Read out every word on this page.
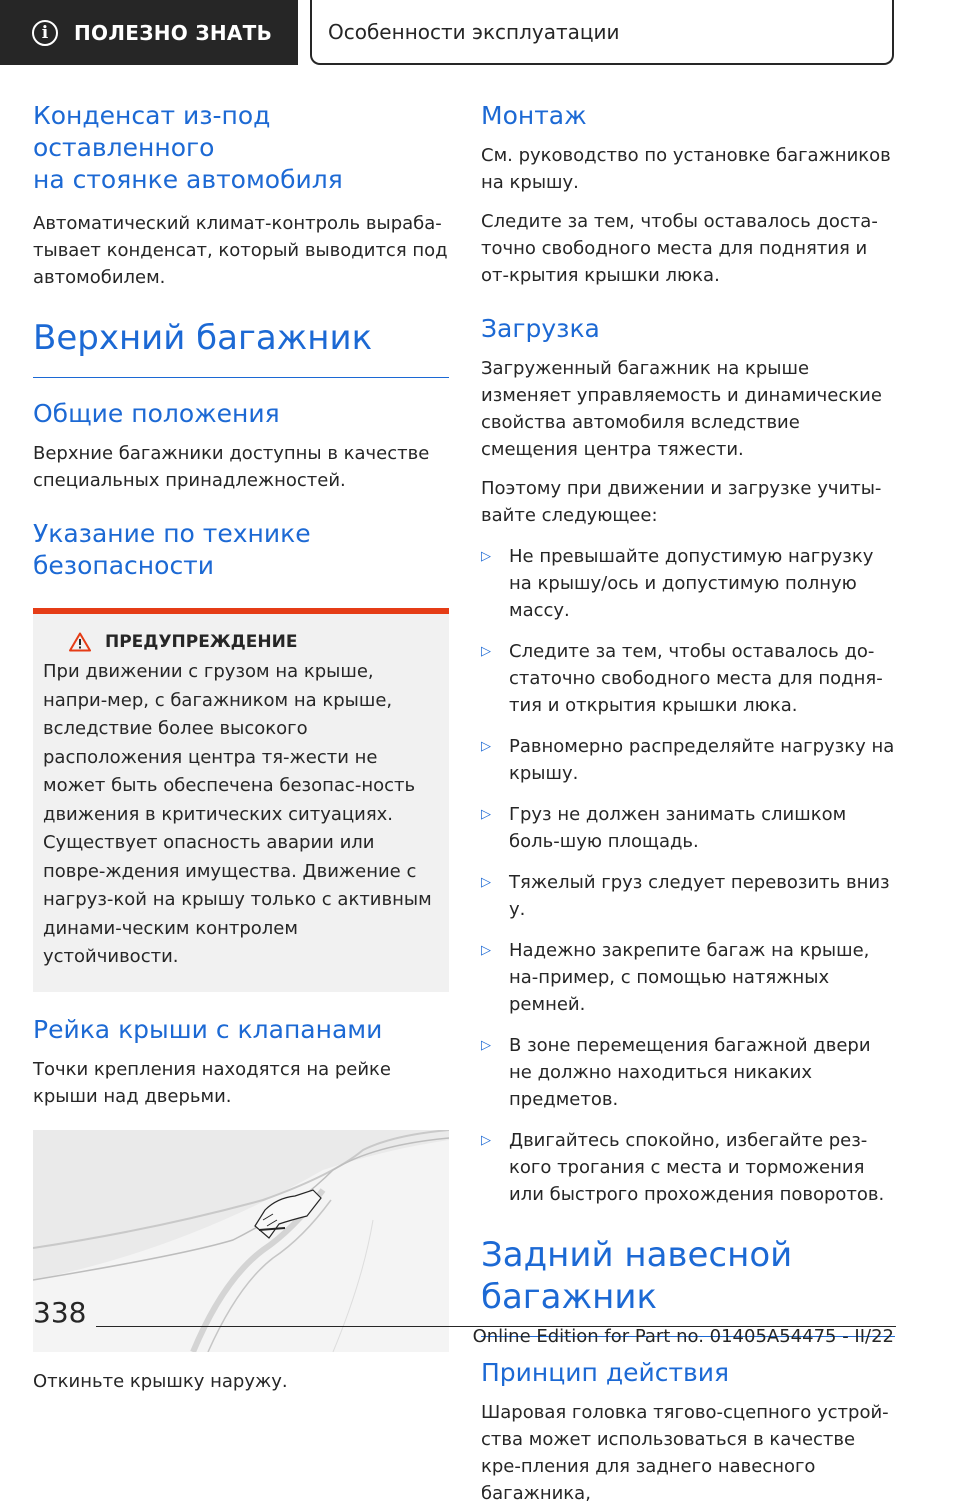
i	ПОЛЕЗНО ЗНАТЬ	Особенности эксплуатации
Конденсат из-под оставленного
на стоянке автомобиля

Автоматический климат-контроль выраба-тывает конденсат, который выводится под автомобилем.

Верхний багажник
Общие положения

Верхние багажники доступны в качестве специальных принадлежностей.

Указание по технике
безопасности
ПРЕДУПРЕЖДЕНИЕ

При движении с грузом на крыше, напри-мер, с багажником на крыше, вследствие более высокого расположения центра тя-жести не может быть обеспечена безопас-ность движения в критических ситуациях. Существует опасность аварии или повре-ждения имущества. Движение с нагруз-кой на крышу только с активным динами-ческим контролем устойчивости.

Рейка крыши с клапанами

Точки крепления находятся на рейке крыши над дверьми.

Откиньте крышку наружу.

Монтаж

См. руководство по установке багажников на крышу.

Следите за тем, чтобы оставалось доста-точно свободного места для поднятия и от-крытия крышки люка.

Загрузка

Загруженный багажник на крыше изменяет управляемость и динамические свойства автомобиля вследствие смещения центра тяжести.

Поэтому при движении и загрузке учиты-вайте следующее:

▷	Не превышайте допустимую нагрузку на крышу/ось и допустимую полную массу.
▷	Следите за тем, чтобы оставалось до-статочно свободного места для подня-тия и открытия крышки люка.
▷	Равномерно распределяйте нагрузку на крышу.
▷	Груз не должен занимать слишком боль-шую площадь.
▷	Тяжелый груз следует перевозить вниз у.
▷	Надежно закрепите багаж на крыше, на-пример, с помощью натяжных ремней.
▷	В зоне перемещения багажной двери не должно находиться никаких предметов.
▷	Двигайтесь спокойно, избегайте рез-кого трогания с места и торможения или быстрого прохождения поворотов.
Задний навесной
багажник
Принцип действия

Шаровая головка тягово-сцепного устрой-ства может использоваться в качестве кре-пления для заднего навесного багажника,

338
Online Edition for Part no. 01405A54475 - II/22
